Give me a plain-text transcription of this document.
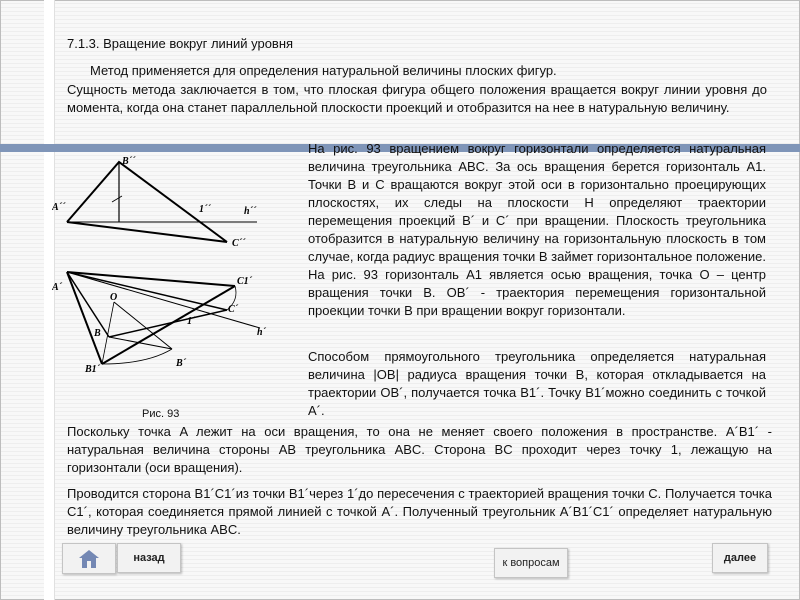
7.1.3. Вращение вокруг линий уровня
Метод применяется для определения натуральной величины плоских фигур.
Сущность метода заключается в том, что плоская фигура общего положения вращается вокруг линии уровня до момента, когда она станет параллельной плоскости проекций и отобразится на нее в натуральную величину.
На рис. 93 вращением вокруг горизонтали определяется натуральная величина треугольника ABC. За ось вращения берется горизонталь A1. Точки B и C вращаются вокруг этой оси в горизонтально проецирующих плоскостях, их следы на плоскости H определяют траектории перемещения проекций B´ и C´ при вращении. Плоскость треугольника отобразится в натуральную величину на горизонтальную плоскость в том случае, когда радиус вращения точки B займет горизонтальное положение. На рис. 93 горизонталь A1 является осью вращения, точка O – центр вращения точки B. OB´ - траектория перемещения горизонтальной проекции точки B при вращении вокруг горизонтали.
Способом прямоугольного треугольника определяется натуральная величина |OB| радиуса вращения точки B, которая откладывается на траектории OB´, получается точка B1´. Точку B1´можно соединить с точкой A´.
Поскольку точка A лежит на оси вращения, то она не меняет своего положения в пространстве. A´B1´ - натуральная величина стороны AB треугольника ABC. Сторона BC проходит через точку 1, лежащую на горизонтали (оси вращения).
Проводится сторона B1´C1´из точки B1´через 1´до пересечения с траекторией вращения точки C. Получается точка C1´, которая соединяется прямой линией с точкой A´. Полученный треугольник A´B1´C1´ определяет натуральную величину треугольника ABC.
B´´
A´´	1´´	h´´
C´´
A´
C1´
O
C´
1´
B	h´
B1´
B´
Рис. 93
назад	к вопросам	далее
